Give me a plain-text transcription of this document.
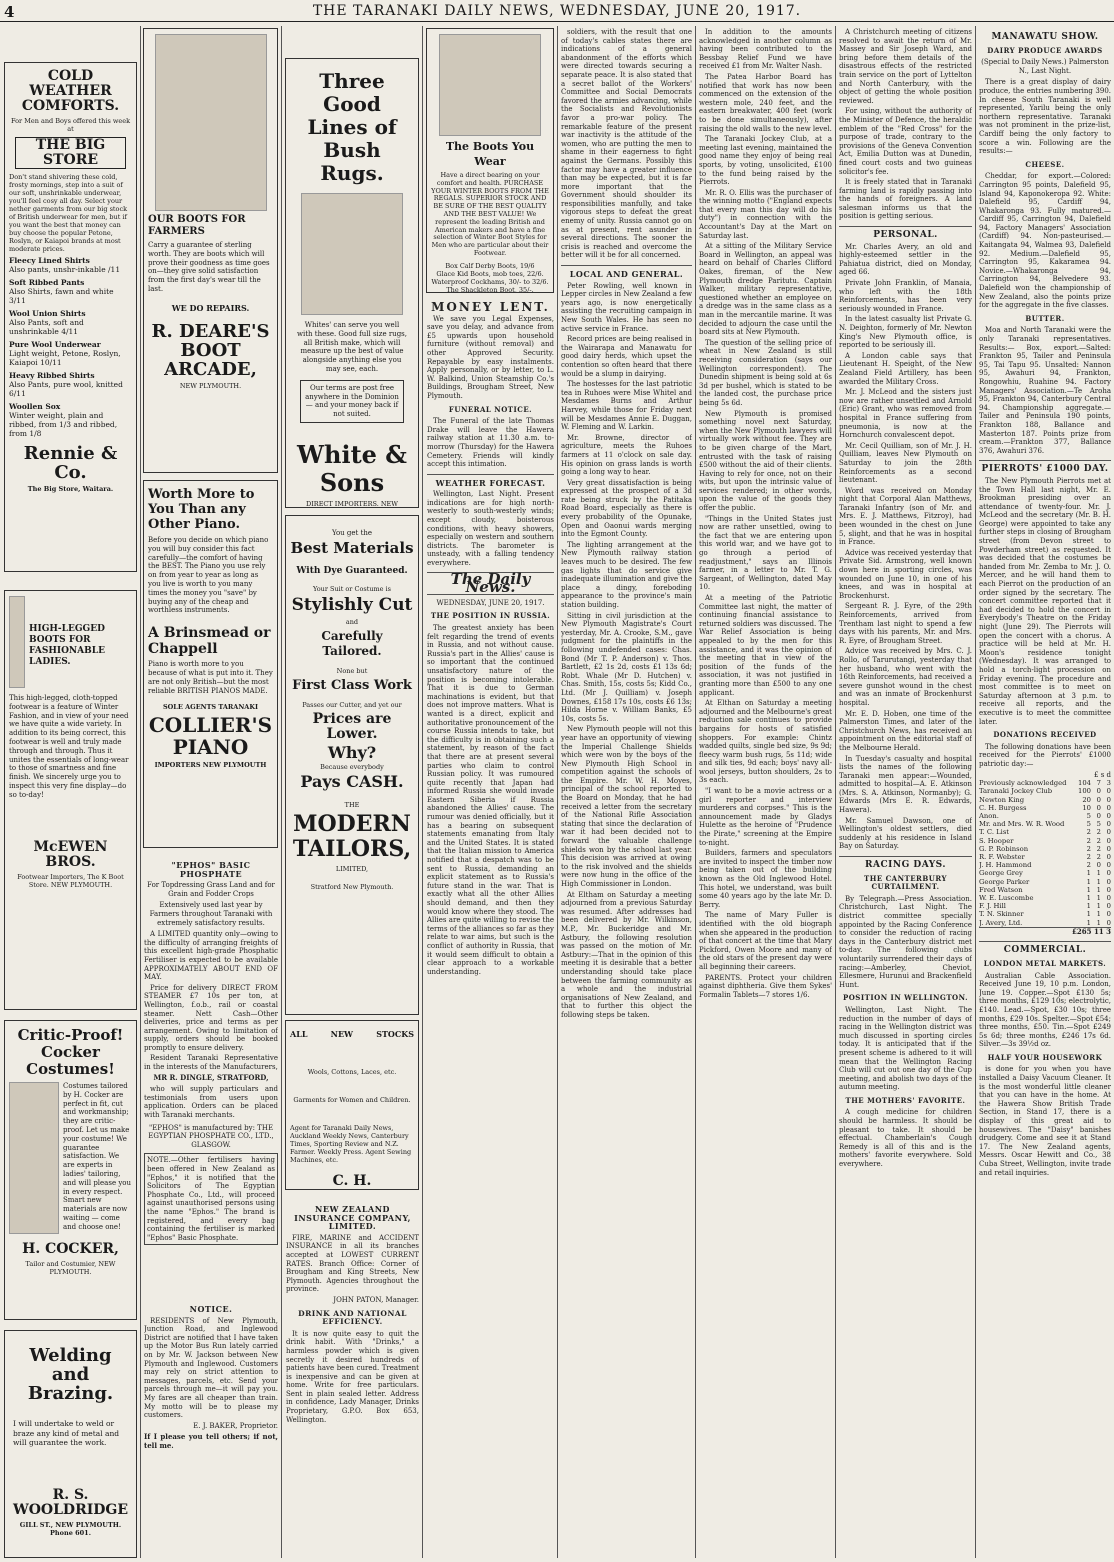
4	THE TARANAKI DAILY NEWS, WEDNESDAY, JUNE 20, 1917.
COLD WEATHER COMFORTS.
For Men and Boys offered this week at
THE BIG STORE
Don't stand shivering these cold, frosty mornings, step into a suit of our soft, unshrinkable underwear, you'll feel cosy all day. Select your nether garments from our big stock of British underwear for men, but if you want the best that money can buy choose the popular Petone, Roslyn, or Kaiapoi brands at most moderate prices.
Fleecy Lined Shirts
Also pants, unshr-inkable /11
Soft Ribbed Pants
Also Shirts, fawn and white 3/11
Wool Union Shirts
Also Pants, soft and unshrinkable 4/11
Pure Wool Underwear
Light weight, Petone, Roslyn, Kaiapoi 10/11
Heavy Ribbed Shirts
Also Pants, pure wool, knitted 6/11
Woollen Sox
Winter weight, plain and ribbed, from 1/3 and ribbed, from 1/8
Rennie & Co.
The Big Store, Waitara.
HIGH-LEGGED BOOTS FOR FASHIONABLE LADIES.
This high-legged, cloth-topped footwear is a feature of Winter Fashion, and in view of your need we have quite a wide variety. In addition to its being correct, this footwear is well and truly made through and through. Thus it unites the essentials of long-wear to those of smartness and fine finish. We sincerely urge you to inspect this very fine display—do so to-day!
McEWEN BROS.
Footwear Importers, The K Boot Store. NEW PLYMOUTH.
Critic-Proof! Cocker Costumes!
Costumes tailored by H. Cocker are perfect in fit, cut and workmanship; they are critic-proof. Let us make your costume! We guarantee satisfaction. We are experts in ladies' tailoring, and will please you in every respect. Smart new materials are now waiting — come and choose one!
H. COCKER,
Tailor and Costumier, NEW PLYMOUTH.
Welding and Brazing.
I will undertake to weld or braze any kind of metal and will guarantee the work.
R. S. WOOLDRIDGE
GILL ST., NEW PLYMOUTH. Phone 601.
OUR BOOTS FOR FARMERS
Carry a guarantee of sterling worth. They are boots which will prove their goodness as time goes on—they give solid satisfaction from the first day's wear till the last.
WE DO REPAIRS.
R. DEARE'S BOOT ARCADE,
NEW PLYMOUTH.
Worth More to You Than any Other Piano.
Before you decide on which piano you will buy consider this fact carefully—the comfort of having the BEST. The Piano you use rely on from year to year as long as you live is worth to you many times the money you "save" by buying any of the cheap and worthless instruments.
A Brinsmead or Chappell
Piano is worth more to you because of what is put into it. They are not only British—but the most reliable BRITISH PIANOS MADE.
SOLE AGENTS TARANAKI
COLLIER'S PIANO
IMPORTERS NEW PLYMOUTH
"EPHOS" BASIC PHOSPHATE
For Topdressing Grass Land and for Grain and Fodder Crops
Extensively used last year by Farmers throughout Taranaki with extremely satisfactory results.

A LIMITED quantity only—owing to the difficulty of arranging freights of this excellent high-grade Phosphatic Fertiliser is expected to be available APPROXIMATELY ABOUT END OF MAY.

Price for delivery DIRECT FROM STEAMER £7 10s per ton, at Wellington, f.o.b., rail or coastal steamer. Nett Cash—Other deliveries, price and terms as per arrangement. Owing to limitation of supply, orders should be booked promptly to ensure delivery.

Resident Taranaki Representative in the interests of the Manufacturers,

MR R. DINGLE, STRATFORD,

who will supply particulars and testimonials from users upon application. Orders can be placed with Taranaki merchants.

"EPHOS" is manufactured by: THE EGYPTIAN PHOSPHATE CO., LTD., GLASGOW.
NOTE.—Other fertilisers having been offered in New Zealand as "Ephos," it is notified that the Solicitors of The Egyptian Phosphate Co., Ltd., will proceed against unauthorised persons using the name "Ephos." The brand is registered, and every bag containing the fertiliser is marked "Ephos" Basic Phosphate.
NOTICE.

RESIDENTS of New Plymouth, Junction Road, and Inglewood District are notified that I have taken up the Motor Bus Run lately carried on by Mr. W. Jackson between New Plymouth and Inglewood. Customers may rely on strict attention to messages, parcels, etc. Send your parcels through me—it will pay you. My fares are all cheaper than train. My motto will be to please my customers.

E. J. BAKER, Proprietor.
If I please you tell others; if not, tell me.
Three Good Lines of Bush Rugs.
Whites' can serve you well with these. Good full size rugs, all British make, which will measure up the best of value alongside anything else you may see, each.
Our terms are post free anywhere in the Dominion — and your money back if not suited.
White & Sons
DIRECT IMPORTERS. NEW
You get the
Best Materials
With Dye Guaranteed.
Your Suit or Costume is
Stylishly Cut
and
Carefully Tailored.
None but
First Class Work
Passes our Cutter, and yet our
Prices are Lower.
Why?
Because everybody
Pays CASH.
THE
MODERN TAILORS,
LIMITED,
Stratford New Plymouth.
ALL	NEW	STOCKS
Wools, Cottons, Laces, etc.
Garments for Women and Children.
Agent for Taranaki Daily News, Auckland Weekly News, Canterbury Times, Sporting Review and N.Z. Farmer. Weekly Press. Agent Sewing Machines, etc.
C. H.
NEW ZEALAND INSURANCE COMPANY, LIMITED.

FIRE, MARINE and ACCIDENT INSURANCE in all its branches accepted at LOWEST CURRENT RATES. Branch Office: Corner of Brougham and King Streets, New Plymouth. Agencies throughout the province.

JOHN PATON, Manager.
DRINK AND NATIONAL EFFICIENCY.

It is now quite easy to quit the drink habit. With "Drinks," a harmless powder which is given secretly it desired hundreds of patients have been cured. Treatment is inexpensive and can be given at home. Write for free particulars. Sent in plain sealed letter. Address in confidence, Lady Manager, Drinks Proprietary, G.P.O. Box 653, Wellington.

The Boots You Wear
Have a direct bearing on your comfort and health. PURCHASE YOUR WINTER BOOTS FROM THE REGALS. SUPERIOR STOCK AND BE SURE OF THE BEST QUALITY AND THE BEST VALUE! We represent the leading British and American makers and have a fine selection of Winter Boot Styles for Men who are particular about their Footwear.
Box Calf Derby Boots, 19/6
Glace Kid Boots, mob toes, 22/6.
Waterproof Cockhams, 30/- to 32/6.
The Shackleton Boot, 35/-.
MONEY LENT.

We save you Legal Expenses, save you delay, and advance from £5 upwards upon household furniture (without removal) and other Approved Security. Repayable by easy instalments. Apply personally, or by letter, to L. W. Balkind, Union Steamship Co.'s Buildings, Brougham Street, New Plymouth.

FUNERAL NOTICE.

The Funeral of the late Thomas Drake will leave the Hawera railway station at 11.30 a.m. to-morrow (Thursday) for the Hawera Cemetery. Friends will kindly accept this intimation.

WEATHER FORECAST.

Wellington, Last Night. Present indications are for high north-westerly to south-westerly winds; except cloudy, boisterous conditions, with heavy showers, especially on western and southern districts. The barometer is unsteady, with a falling tendency everywhere.

The Daily News.
WEDNESDAY, JUNE 20, 1917.
THE POSITION IN RUSSIA.

The greatest anxiety has been felt regarding the trend of events in Russia, and not without cause. Russia's part in the Allies' cause is so important that the continued unsatisfactory nature of the position is becoming intolerable. That it is due to German machinations is evident, but that does not improve matters. What is wanted is a direct, explicit and authoritative pronouncement of the course Russia intends to take, but the difficulty is in obtaining such a statement, by reason of the fact that there are at present several parties who claim to control Russian policy. It was rumoured quite recently that Japan had informed Russia she would invade Eastern Siberia if Russia abandoned the Allies' cause. The rumour was denied officially, but it has a bearing on subsequent statements emanating from Italy and the United States. It is stated that the Italian mission to America notified that a despatch was to be sent to Russia, demanding an explicit statement as to Russia's future stand in the war. That is exactly what all the other Allies should demand, and then they would know where they stood. The Allies are quite willing to revise the terms of the alliances so far as they relate to war aims, but such is the conflict of authority in Russia, that it would seem difficult to obtain a clear approach to a workable understanding.

soldiers, with the result that one of today's cables states there are indications of a general abandonment of the efforts which were directed towards securing a separate peace. It is also stated that a secret ballot of the Workers' Committee and Social Democrats favored the armies advancing, while the Socialists and Revolutionists favor a pro-war policy. The remarkable feature of the present war inactivity is the attitude of the women, who are putting the men to shame in their eagerness to fight against the Germans. Possibly this factor may have a greater influence than may be expected, but it is far more important that the Government should shoulder its responsibilities manfully, and take vigorous steps to defeat the great enemy of unity. Russia cannot go on as at present, rent asunder in several directions. The sooner the crisis is reached and overcome the better will it be for all concerned.

LOCAL AND GENERAL.

Peter Rowling, well known in Lepper circles in New Zealand a few years ago, is now energetically assisting the recruiting campaign in New South Wales. He has seen no active service in France.

Record prices are being realised in the Wairarapa and Manawatu for good dairy herds, which upset the contention so often heard that there would be a slump in dairying.

The hostesses for the last patriotic tea in Ruhoes were Mise Whitel and Mesdames Burns and Arthur Harvey, while those for Friday next will be Mesdames Annie E. Duggan, W. Fleming and W. Larkin.

Mr. Browne, director of agriculture, meets the Ruhoes farmers at 11 o'clock on sale day. His opinion on grass lands is worth going a long way to hear.

Very great dissatisfaction is being expressed at the prospect of a 3d rate being struck by the Patitaka Road Board, especially as there is every probability of the Opunake, Open and Oaonui wards merging into the Egmont County.

The lighting arrangement at the New Plymouth railway station leaves much to be desired. The few gas lights that do service give inadequate illumination and give the place a dingy, foreboding appearance to the province's main station building.

Sitting in civil jurisdiction at the New Plymouth Magistrate's Court yesterday, Mr. A. Crooke, S.M., gave judgment for the plaintiffs in the following undefended cases: Chas. Bond (Mr T. P. Anderson) v. Thos. Bartlett, £2 1s 2d, costs £1 13s 6d; Robt. Whale (Mr D. Hutchen) v. Chas. Smith, 15s, costs 5s; Kidd Co., Ltd. (Mr J. Quilliam) v. Joseph Downes, £158 17s 10s, costs £6 13s; Hilda Horne v. William Banks, £5 10s, costs 5s.

New Plymouth people will not this year have an opportunity of viewing the Imperial Challenge Shields which were won by the boys of the New Plymouth High School in competition against the schools of the Empire. Mr. W. H. Moyes, principal of the school reported to the Board on Monday, that he had received a letter from the secretary of the National Rifle Association stating that since the declaration of war it had been decided not to forward the valuable challenge shields won by the school last year. This decision was arrived at owing to the risk involved and the shields were now hung in the office of the High Commissioner in London.

At Eltham on Saturday a meeting adjourned from a previous Saturday was resumed. After addresses had been delivered by Mr. Wilkinson, M.P., Mr. Buckeridge and Mr. Astbury, the following resolution was passed on the motion of Mr. Astbury:—That in the opinion of this meeting it is desirable that a better understanding should take place between the farming community as a whole and the industrial organisations of New Zealand, and that to further this object the following steps be taken.

In addition to the amounts acknowledged in another column as having been contributed to the Bessbay Relief Fund we have received £1 from Mr. Walter Nash.

The Patea Harbor Board has notified that work has now been commenced on the extension of the western mole, 240 feet, and the eastern breakwater, 400 feet (work to be done simultaneously), after raising the old walls to the new level.

The Taranaki Jockey Club, at a meeting last evening, maintained the good name they enjoy of being real sports, by voting, unsolicited, £100 to the fund being raised by the Pierrots.

Mr. R. O. Ellis was the purchaser of the winning motto ("England expects that every man this day will do his duty") in connection with the Accountant's Day at the Mart on Saturday last.

At a sitting of the Military Service Board in Wellington, an appeal was heard on behalf of Charles Clifford Oakes, fireman, of the New Plymouth dredge Paritutu. Captain Walker, military representative, questioned whether an employee on a dredge was in the same class as a man in the mercantile marine. It was decided to adjourn the case until the board sits at New Plymouth.

The question of the selling price of wheat in New Zealand is still receiving consideration (says our Wellington correspondent). The Dunedin shipment is being sold at 6s 3d per bushel, which is stated to be the landed cost, the purchase price being 5s 6d.

New Plymouth is promised something novel next Saturday, when the New Plymouth lawyers will virtually work without fee. They are to be given charge of the Mart, entrusted with the task of raising £500 without the aid of their clients. Having to rely for once, not on their wits, but upon the intrinsic value of services rendered; in other words, upon the value of the goods they offer the public.

"Things in the United States just now are rather unsettled, owing to the fact that we are entering upon this world war, and we have got to go through a period of readjustment," says an Illinois farmer, in a letter to Mr. T. G. Sargeant, of Wellington, dated May 10.

At a meeting of the Patriotic Committee last night, the matter of continuing financial assistance to returned soldiers was discussed. The War Relief Association is being appealed to by the men for this assistance, and it was the opinion of the meeting that in view of the position of the funds of the association, it was not justified in granting more than £500 to any one applicant.

At Elthan on Saturday a meeting adjourned and the Melbourne's great reduction sale continues to provide bargains for hosts of satisfied shoppers. For example: Chintz wadded quilts, single bed size, 9s 9d; fleecy warm bush rugs, 5s 11d; wide and silk ties, 9d each; boys' navy all-wool jerseys, button shoulders, 2s to 3s each.

"I want to be a movie actress or a girl reporter and interview murderers and corpses." This is the announcement made by Gladys Hulette as the heroine of "Prudence the Pirate," screening at the Empire to-night.

Builders, farmers and speculators are invited to inspect the timber now being taken out of the building known as the Old Inglewood Hotel. This hotel, we understand, was built some 40 years ago by the late Mr. D. Berry.

The name of Mary Fuller is identified with the old biograph when she appeared in the production of that concert at the time that Mary Pickford, Owen Moore and many of the old stars of the present day were all beginning their careers.

PARENTS. Protect your children against diphtheria. Give them Sykes' Formalin Tablets—7 stores 1/6.

A Christchurch meeting of citizens resolved to await the return of Mr. Massey and Sir Joseph Ward, and bring before them details of the disastrous effects of the restricted train service on the port of Lyttelton and North Canterbury, with the object of getting the whole position reviewed.

For using, without the authority of the Minister of Defence, the heraldic emblem of the "Red Cross" for the purpose of trade, contrary to the provisions of the Geneva Convention Act, Emilia Dutton was at Dunedin, fined court costs and two guineas solicitor's fee.

It is freely stated that in Taranaki farming land is rapidly passing into the hands of foreigners. A land salesman informs us that the position is getting serious.

PERSONAL.

Mr. Charles Avery, an old and highly-esteemed settler in the Pahiatua district, died on Monday, aged 66.

Private John Franklin, of Manaia, who left with the 18th Reinforcements, has been very seriously wounded in France.

In the latest casualty list Private G. N. Deighton, formerly of Mr. Newton King's New Plymouth office, is reported to be seriously ill.

A London cable says that Lieutenant H. Speight, of the New Zealand Field Artillery, has been awarded the Military Cross.

Mr. J. McLeod and the sisters just now are rather unsettled and Arnold (Eric) Grant, who was removed from hospital in France suffering from pneumonia, is now at the Hornchurch convalescent depot.

Mr. Cecil Quilliam, son of Mr. J. H. Quilliam, leaves New Plymouth on Saturday to join the 28th Reinforcements as a second lieutenant.

Word was received on Monday night that Corporal Alan Matthews, Taranaki Infantry (son of Mr. and Mrs. E. J. Matthews, Fitzroy), had been wounded in the chest on June 5, slight, and that he was in hospital in France.

Advice was received yesterday that Private Sid. Armstrong, well known down here in sporting circles, was wounded on June 10, in one of his knees, and was in hospital at Brockenhurst.

Sergeant R. J. Eyre, of the 29th Reinforcements, arrived from Trentham last night to spend a few days with his parents, Mr. and Mrs. R. Eyre, of Brougham Street.

Advice was received by Mrs. C. J. Rollo, of Tarurutangi, yesterday that her husband, who went with the 16th Reinforcements, had received a severe gunshot wound in the chest and was an inmate of Brockenhurst hospital.

Mr. E. D. Hoben, one time of the Palmerston Times, and later of the Christchurch News, has received an appointment on the editorial staff of the Melbourne Herald.

In Tuesday's casualty and hospital lists the names of the following Taranaki men appear:—Wounded, admitted to hospital—A. E. Atkinson (Mrs. S. A. Atkinson, Normanby); G. Edwards (Mrs E. R. Edwards, Hawera).

Mr. Samuel Dawson, one of Wellington's oldest settlers, died suddenly at his residence in Island Bay on Saturday.

RACING DAYS.
THE CANTERBURY CURTAILMENT.

By Telegraph.—Press Association. Christchurch, Last Night. The district committee specially appointed by the Racing Conference to consider the reduction of racing days in the Canterbury district met to-day. The following clubs voluntarily surrendered their days of racing:—Amberley, Cheviot, Ellesmere, Hurunui and Brackenfield Hunt.

POSITION IN WELLINGTON.

Wellington, Last Night. The reduction in the number of days of racing in the Wellington district was much discussed in sporting circles today. It is anticipated that if the present scheme is adhered to it will mean that the Wellington Racing Club will cut out one day of the Cup meeting, and abolish two days of the autumn meeting.

THE MOTHERS' FAVORITE.

A cough medicine for children should be harmless. It should be pleasant to take. It should be effectual. Chamberlain's Cough Remedy is all of this and is the mothers' favorite everywhere. Sold everywhere.

MANAWATU SHOW.
DAIRY PRODUCE AWARDS
(Special to Daily News.) Palmerston N., Last Night.

There is a great display of dairy produce, the entries numbering 390. In cheese South Taranaki is well represented, Yarilu being the only northern representative. Taranaki was not prominent in the prize-list, Cardiff being the only factory to score a win. Following are the results:—

CHEESE.

Cheddar, for export.—Colored: Carrington 95 points, Dalefield 95, Island 94, Kaponokeropa 92. White: Dalefield 95, Cardiff 94, Whakaronga 93. Fully matured.—Cardiff 95, Carrington 94, Dalefield 94, Factory Managers' Association (Cardiff) 94. Non-pasteurised.—Kaitangata 94, Walmea 93, Dalefield 92. Medium.—Dalefield 95, Carrington 95, Kakaramea 94. Novice.—Whakaronga 94, Carrington 94, Belvedere 93. Dalefield won the championship of New Zealand, also the points prize for the aggregate in the five classes.

BUTTER.

Moa and North Taranaki were the only Taranaki representatives. Results:— Box, export.—Salted: Frankton 95, Tailer and Peninsula 95, Tai Tapu 95. Unsalted: Nannon 95, Awahuri 94, Frankton, Rongowhiu, Ruahine 94. Factory Managers' Association.—Te Aroha 95, Frankton 94, Canterbury Central 94. Championship aggregate.—Tailer and Peninsula 190 points, Frankton 188, Ballance and Masterton 187. Points prize from cream.—Frankton 377, Ballance 376, Awahuri 376.

PIERROTS' £1000 DAY.

The New Plymouth Pierrots met at the Town Hall last night, Mr. E. Brookman presiding over an attendance of twenty-four. Mr. J. McLeod and the secretary (Mr. B. H. George) were appointed to take any further steps in closing of Brougham street (from Devon street to Powderham street) as requested. It was decided that the costumes be handed from Mr. Zemba to Mr. J. O. Mercer, and he will hand them to each Pierrot on the production of an order signed by the secretary. The concert committee reported that it had decided to hold the concert in Everybody's Theatre on the Friday night (June 29). The Pierrots will open the concert with a chorus. A practice will be held at Mr. H. Moon's residence tonight (Wednesday). It was arranged to hold a torch-light procession on Friday evening. The procedure and most committee is to meet on Saturday afternoon at 3 p.m. to receive all reports, and the executive is to meet the committee later.

DONATIONS RECEIVED

The following donations have been received for the Pierrots' £1000 patriotic day:—

£ s d
Previously acknowledged	104	7	3
Taranaki Jockey Club	100	0	0
Newton King	20	0	0
C. H. Burgess	10	0	0
Anon.	5	0	0
Mr. and Mrs. W. R. Wood	5	5	0
T. C. List	2	2	0
S. Hooper	2	2	0
G. P. Robinson	2	2	0
R. F. Webster	2	2	0
J. H. Hammond	2	0	0
George Grey	1	1	0
George Parker	1	1	0
Fred Watson	1	1	0
W. E. Luscombe	1	1	0
F. J. Hill	1	1	0
T. N. Skinner	1	1	0
J. Avery, Ltd.	1	1	0
£265 11 3
COMMERCIAL.
LONDON METAL MARKETS.

Australian Cable Association. Received June 19, 10 p.m. London, June 19. Copper.—Spot £130 5s; three months, £129 10s; electrolytic, £140. Lead.—Spot, £30 10s; three months, £29 10s. Spelter.—Spot £54; three months, £50. Tin.—Spot £249 5s 6d; three months, £246 17s 6d. Silver.—3s 39½d oz.

HALF YOUR HOUSEWORK

is done for you when you have installed a Daisy Vacuum Cleaner. It is the most wonderful little cleaner that you can have in the home. At the Hawera Show British Trade Section, in Stand 17, there is a display of this great aid to housewives. The "Daisy" banishes drudgery. Come and see it at Stand 17. The New Zealand agents, Messrs. Oscar Hewitt and Co., 38 Cuba Street, Wellington, invite trade and retail inquiries.
